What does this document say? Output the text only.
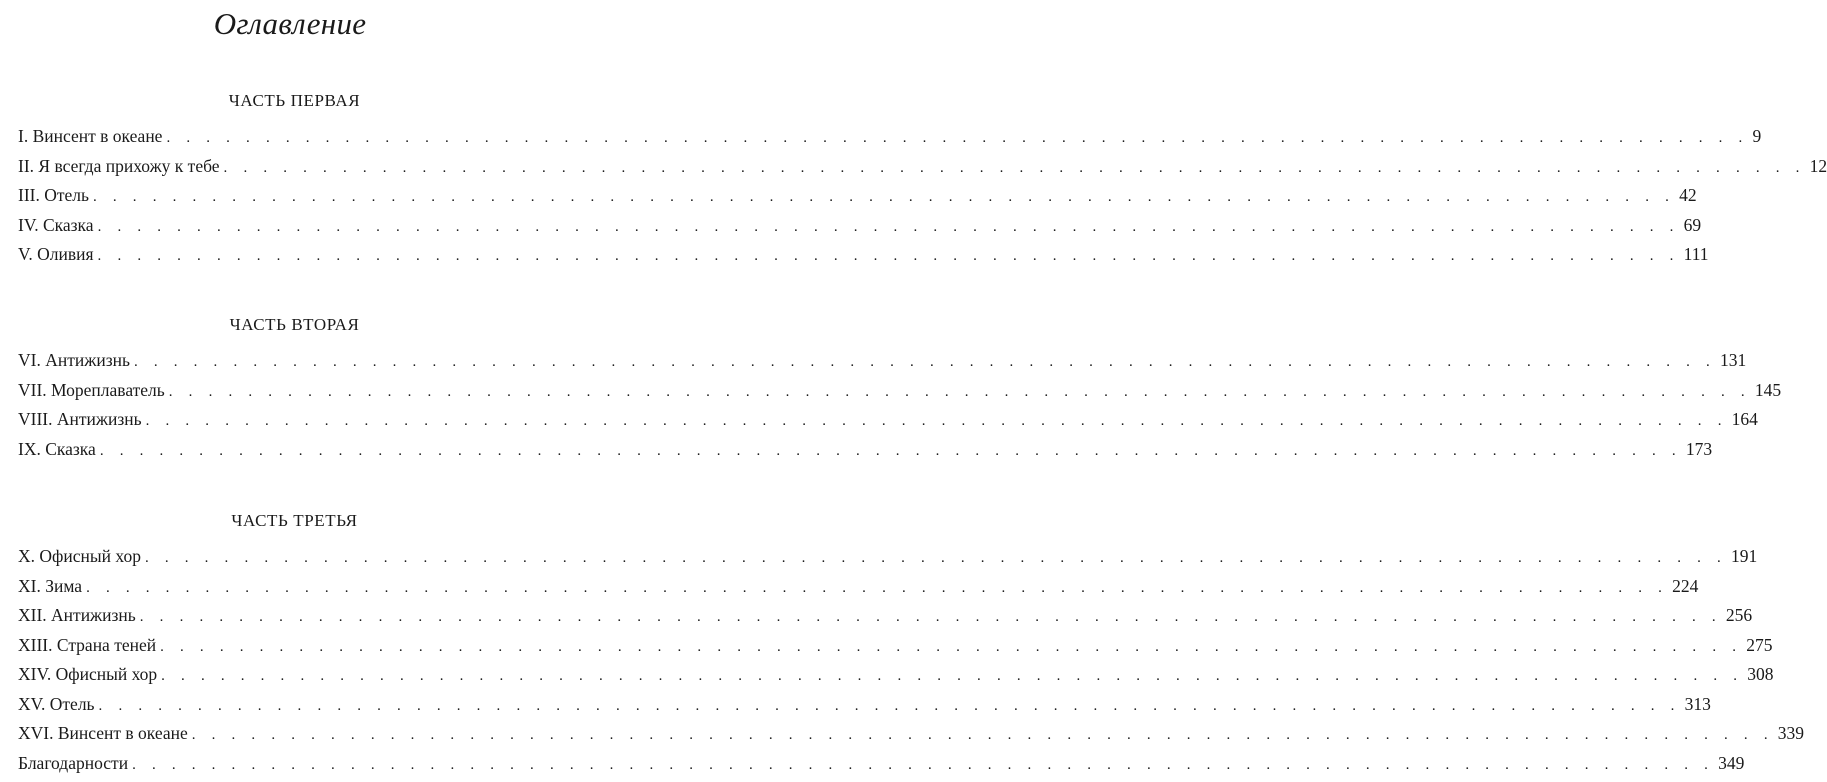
Оглавление
ЧАСТЬ ПЕРВАЯ
I. Винсент в океане . . . . . . . . . . . . . . . . . . . . . . . . . . . . . . . . . . . . . . . . . . . . . . . . . . . . . . . . . . . . . . . . . . . . . . . . . . . . . . . . 9
II. Я всегда прихожу к тебе . . . . . . . . . . . . . . . . . . . . . . . . . . . . . . . . . . . . . . . . . . . . . . . . . . . . . . . . . . . . . . . . . . . . . . . . . . . . . . . . 12
III. Отель . . . . . . . . . . . . . . . . . . . . . . . . . . . . . . . . . . . . . . . . . . . . . . . . . . . . . . . . . . . . . . . . . . . . . . . . . . . . . . . . 42
IV. Сказка . . . . . . . . . . . . . . . . . . . . . . . . . . . . . . . . . . . . . . . . . . . . . . . . . . . . . . . . . . . . . . . . . . . . . . . . . . . . . . . . 69
V. Оливия . . . . . . . . . . . . . . . . . . . . . . . . . . . . . . . . . . . . . . . . . . . . . . . . . . . . . . . . . . . . . . . . . . . . . . . . . . . . . . . . 111
ЧАСТЬ ВТОРАЯ
VI. Антижизнь . . . . . . . . . . . . . . . . . . . . . . . . . . . . . . . . . . . . . . . . . . . . . . . . . . . . . . . . . . . . . . . . . . . . . . . . . . . . . . . . 131
VII. Мореплаватель . . . . . . . . . . . . . . . . . . . . . . . . . . . . . . . . . . . . . . . . . . . . . . . . . . . . . . . . . . . . . . . . . . . . . . . . . . . . . . . . 145
VIII. Антижизнь . . . . . . . . . . . . . . . . . . . . . . . . . . . . . . . . . . . . . . . . . . . . . . . . . . . . . . . . . . . . . . . . . . . . . . . . . . . . . . . . 164
IX. Сказка . . . . . . . . . . . . . . . . . . . . . . . . . . . . . . . . . . . . . . . . . . . . . . . . . . . . . . . . . . . . . . . . . . . . . . . . . . . . . . . . 173
ЧАСТЬ ТРЕТЬЯ
X. Офисный хор . . . . . . . . . . . . . . . . . . . . . . . . . . . . . . . . . . . . . . . . . . . . . . . . . . . . . . . . . . . . . . . . . . . . . . . . . . . . . . . . 191
XI. Зима . . . . . . . . . . . . . . . . . . . . . . . . . . . . . . . . . . . . . . . . . . . . . . . . . . . . . . . . . . . . . . . . . . . . . . . . . . . . . . . . 224
XII. Антижизнь . . . . . . . . . . . . . . . . . . . . . . . . . . . . . . . . . . . . . . . . . . . . . . . . . . . . . . . . . . . . . . . . . . . . . . . . . . . . . . . . 256
XIII. Страна теней . . . . . . . . . . . . . . . . . . . . . . . . . . . . . . . . . . . . . . . . . . . . . . . . . . . . . . . . . . . . . . . . . . . . . . . . . . . . . . . . 275
XIV. Офисный хор . . . . . . . . . . . . . . . . . . . . . . . . . . . . . . . . . . . . . . . . . . . . . . . . . . . . . . . . . . . . . . . . . . . . . . . . . . . . . . . . 308
XV. Отель . . . . . . . . . . . . . . . . . . . . . . . . . . . . . . . . . . . . . . . . . . . . . . . . . . . . . . . . . . . . . . . . . . . . . . . . . . . . . . . . 313
XVI. Винсент в океане . . . . . . . . . . . . . . . . . . . . . . . . . . . . . . . . . . . . . . . . . . . . . . . . . . . . . . . . . . . . . . . . . . . . . . . . . . . . . . . . 339
Благодарности . . . . . . . . . . . . . . . . . . . . . . . . . . . . . . . . . . . . . . . . . . . . . . . . . . . . . . . . . . . . . . . . . . . . . . . . . . . . . . . . 349
